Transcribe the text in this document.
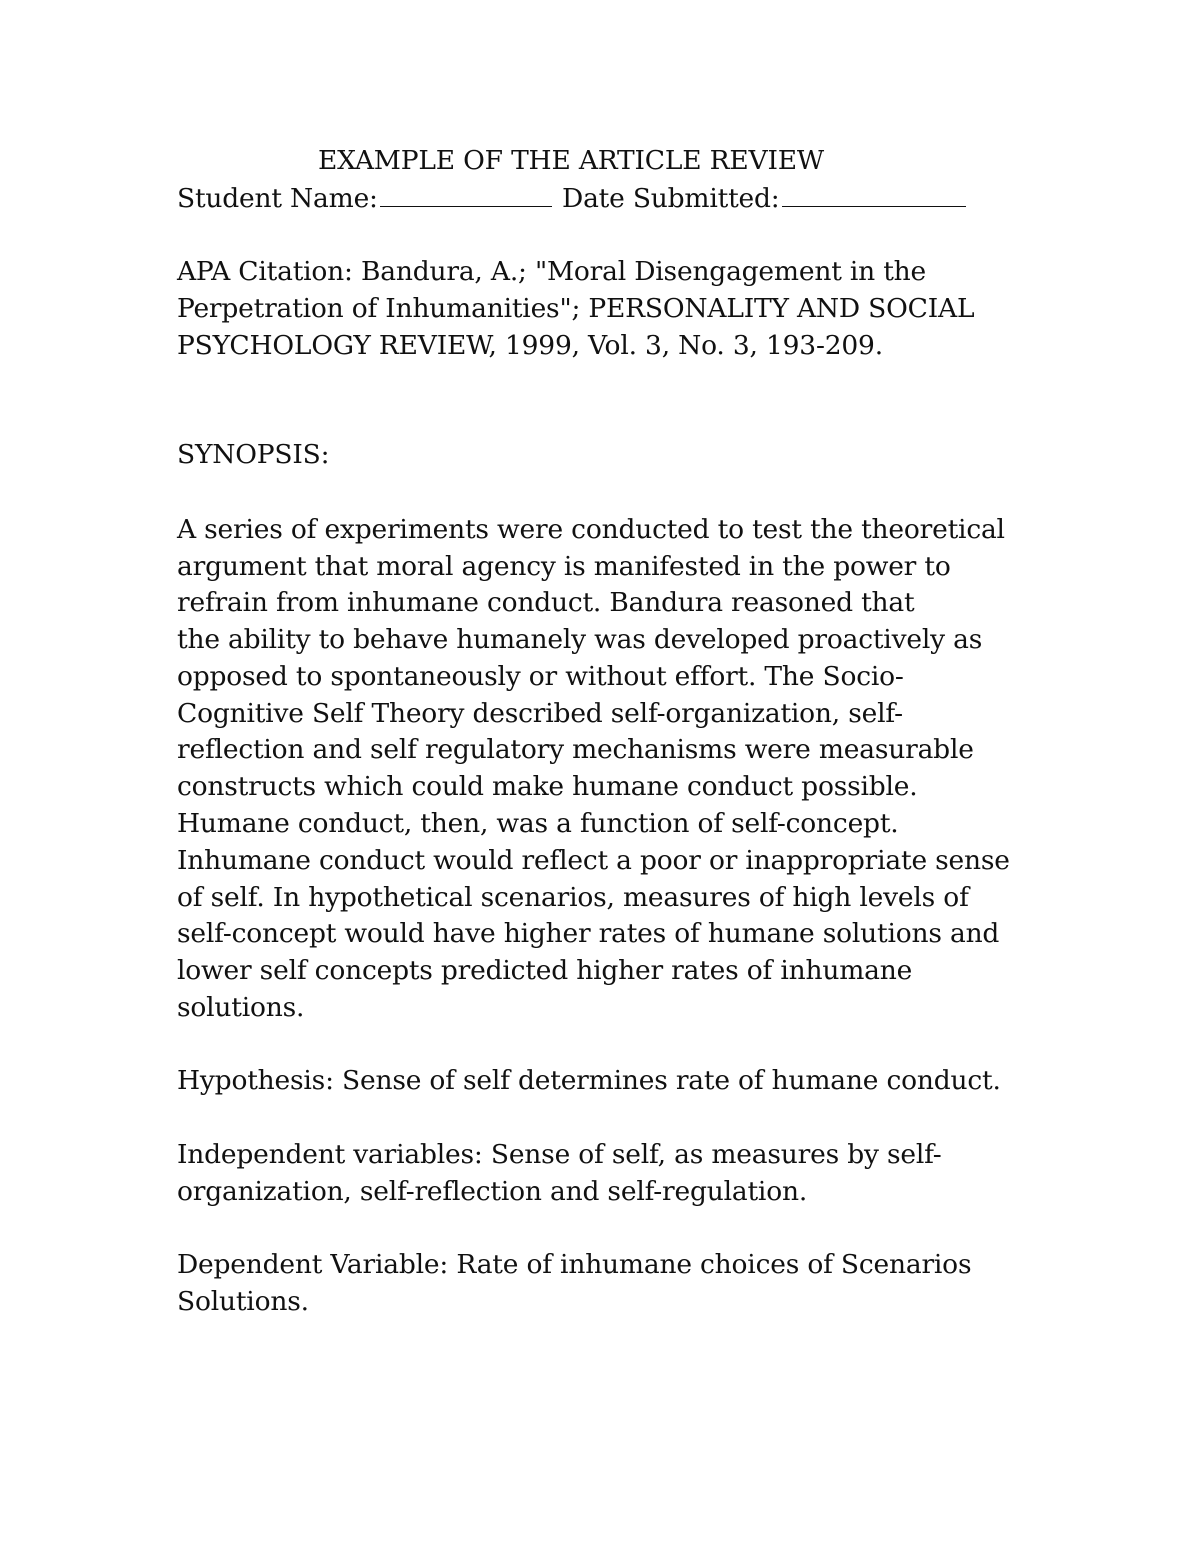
EXAMPLE OF THE ARTICLE REVIEW
Student Name:	Date Submitted:
APA Citation: Bandura, A.; "Moral Disengagement in the
Perpetration of Inhumanities"; PERSONALITY AND SOCIAL
PSYCHOLOGY REVIEW, 1999, Vol. 3, No. 3, 193-209.
SYNOPSIS:
A series of experiments were conducted to test the theoretical
argument that moral agency is manifested in the power to
refrain from inhumane conduct. Bandura reasoned that
the ability to behave humanely was developed proactively as
opposed to spontaneously or without effort. The Socio-
Cognitive Self Theory described self-organization, self-
reflection and self regulatory mechanisms were measurable
constructs which could make humane conduct possible.
Humane conduct, then, was a function of self-concept.
Inhumane conduct would reflect a poor or inappropriate sense
of self. In hypothetical scenarios, measures of high levels of
self-concept would have higher rates of humane solutions and
lower self concepts predicted higher rates of inhumane
solutions.
Hypothesis: Sense of self determines rate of humane conduct.
Independent variables: Sense of self, as measures by self-
organization, self-reflection and self-regulation.
Dependent Variable: Rate of inhumane choices of Scenarios
Solutions.
